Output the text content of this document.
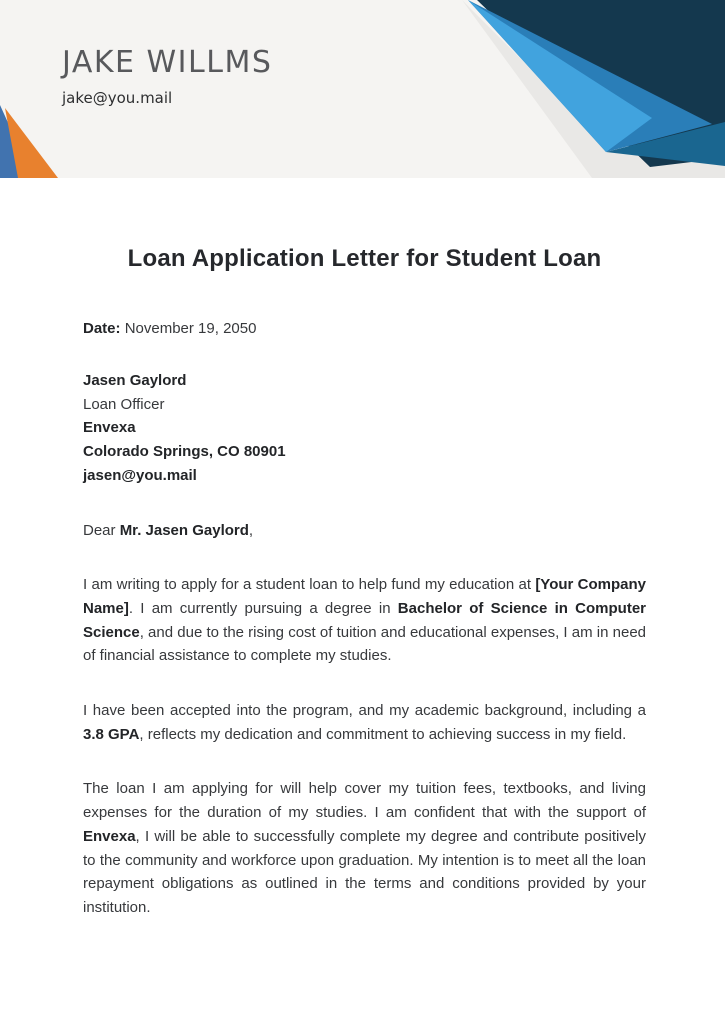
JAKE WILLMS
jake@you.mail
Loan Application Letter for Student Loan

Date: November 19, 2050

Jasen Gaylord
Loan Officer
Envexa
Colorado Springs, CO 80901
jasen@you.mail

Dear Mr. Jasen Gaylord,

I am writing to apply for a student loan to help fund my education at [Your Company Name]. I am currently pursuing a degree in Bachelor of Science in Computer Science, and due to the rising cost of tuition and educational expenses, I am in need of financial assistance to complete my studies.

I have been accepted into the program, and my academic background, including a 3.8 GPA, reflects my dedication and commitment to achieving success in my field.

The loan I am applying for will help cover my tuition fees, textbooks, and living expenses for the duration of my studies. I am confident that with the support of Envexa, I will be able to successfully complete my degree and contribute positively to the community and workforce upon graduation. My intention is to meet all the loan repayment obligations as outlined in the terms and conditions provided by your institution.
